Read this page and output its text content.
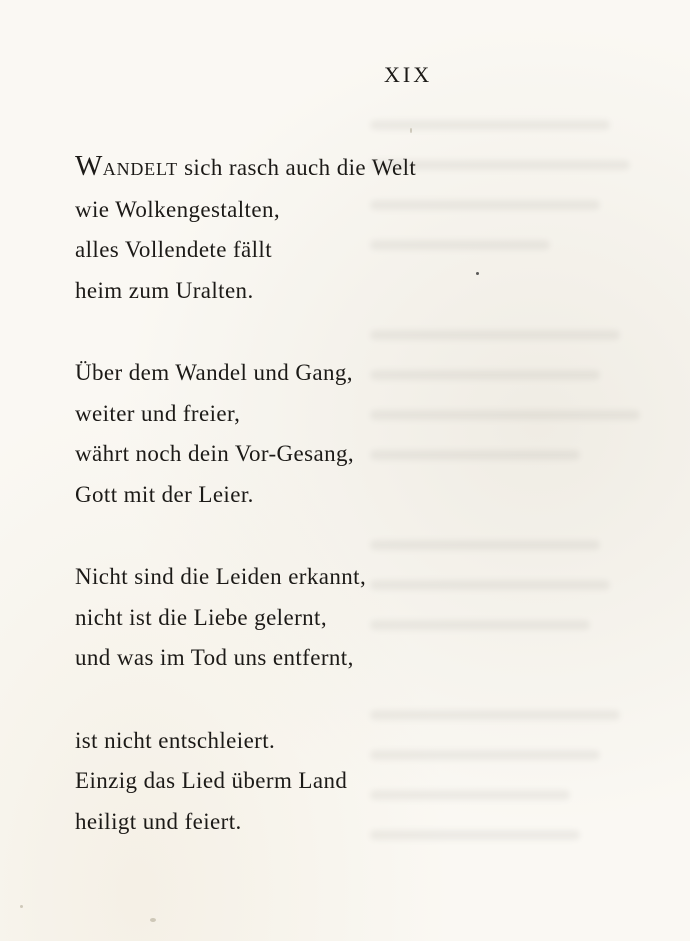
XIX
WANDELT sich rasch auch die Welt
wie Wolkengestalten,
alles Vollendete fällt
heim zum Uralten.
Über dem Wandel und Gang,
weiter und freier,
währt noch dein Vor-Gesang,
Gott mit der Leier.
Nicht sind die Leiden erkannt,
nicht ist die Liebe gelernt,
und was im Tod uns entfernt,
ist nicht entschleiert.
Einzig das Lied überm Land
heiligt und feiert.
